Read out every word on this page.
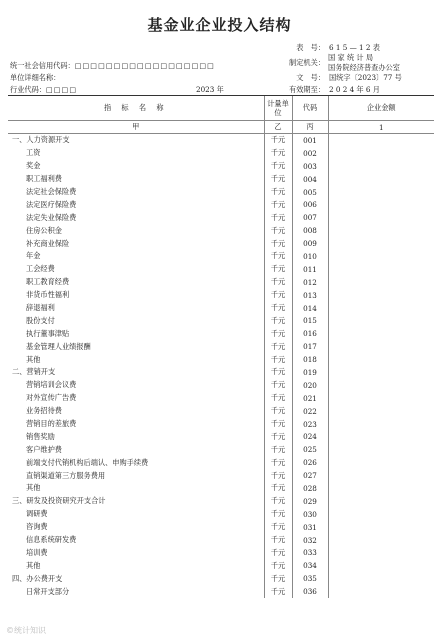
基金业企业投入结构
统一社会信用代码：□□□□□□□□□□□□□□□□□□
单位详细名称：
行业代码：□□□□	2023 年
表　号： 6 1 5 — 1 2 表
国 家 统 计 局
制定机关：
国务院经济普查办公室
文　号： 国统字〔2023〕77 号
有效期至： 2 0 2 4 年 6 月
指 标 名 称	计量单位	代码	企业金额
甲	乙	丙	1
一、人力资源开支	千元	001	
工资	千元	002	
奖金	千元	003	
职工福利费	千元	004	
法定社会保险费	千元	005	
法定医疗保险费	千元	006	
法定失业保险费	千元	007	
住房公积金	千元	008	
补充商业保险	千元	009	
年金	千元	010	
工会经费	千元	011	
职工教育经费	千元	012	
非货币性福利	千元	013	
辞退福利	千元	014	
股份支付	千元	015	
执行董事津贴	千元	016	
基金管理人业绩报酬	千元	017	
其他	千元	018	
二、营销开支	千元	019	
营销培训会议费	千元	020	
对外宣传广告费	千元	021	
业务招待费	千元	022	
营销目的差旅费	千元	023	
销售奖励	千元	024	
客户维护费	千元	025	
前端支付代销机构后端认、申购手续费	千元	026	
直销渠道第三方服务费用	千元	027	
其他	千元	028	
三、研发及投资研究开支合计	千元	029	
调研费	千元	030	
咨询费	千元	031	
信息系统研发费	千元	032	
培训费	千元	033	
其他	千元	034	
四、办公费开支	千元	035	
日常开支部分	千元	036	
©统计知识
